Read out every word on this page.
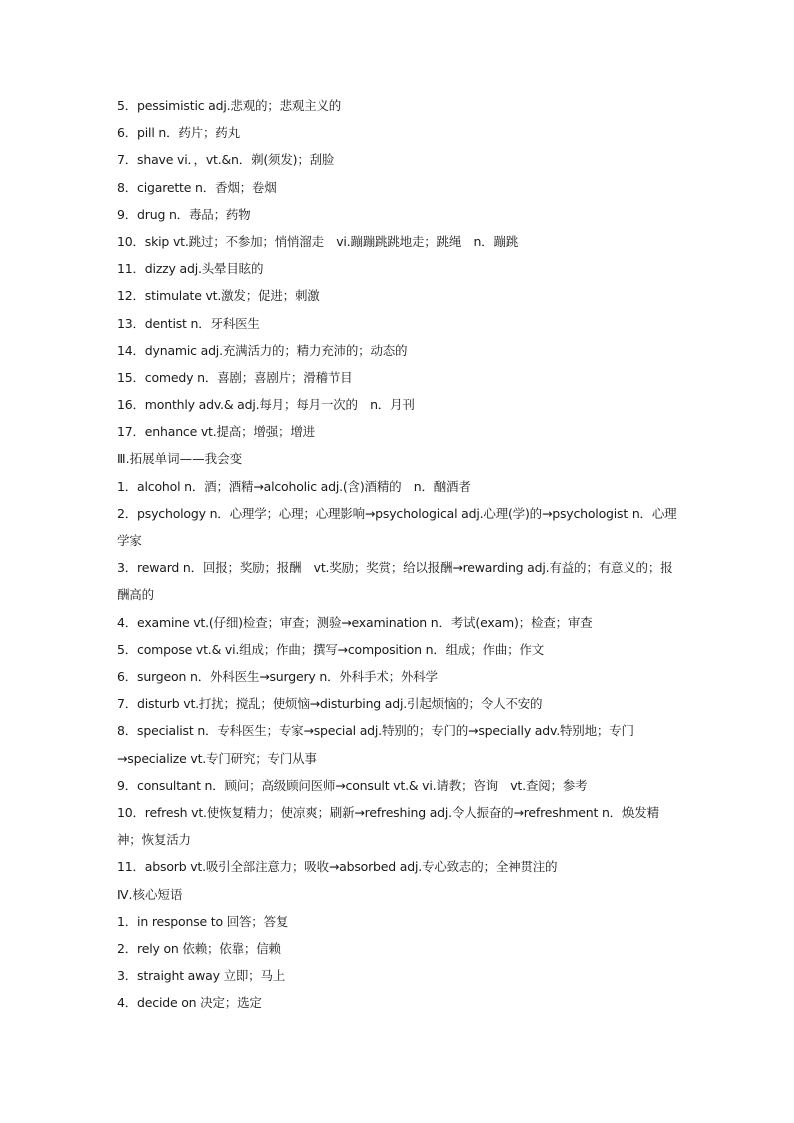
5．pessimistic adj.悲观的；悲观主义的
6．pill n．药片；药丸
7．shave vi．，vt.&n．剃(须发)；刮脸
8．cigarette n．香烟；卷烟
9．drug n．毒品；药物
10．skip vt.跳过；不参加；悄悄溜走　vi.蹦蹦跳跳地走；跳绳　n．蹦跳
11．dizzy adj.头晕目眩的
12．stimulate vt.激发；促进；刺激
13．dentist n．牙科医生
14．dynamic adj.充满活力的；精力充沛的；动态的
15．comedy n．喜剧；喜剧片；滑稽节目
16．monthly adv.& adj.每月；每月一次的　n．月刊
17．enhance vt.提高；增强；增进
Ⅲ.拓展单词——我会变
1．alcohol n．酒；酒精→alcoholic adj.(含)酒精的　n．酗酒者
2．psychology n．心理学；心理；心理影响→psychological adj.心理(学)的→psychologist n．心理学家
3．reward n．回报；奖励；报酬　vt.奖励；奖赏；给以报酬→rewarding adj.有益的；有意义的；报酬高的
4．examine vt.(仔细)检查；审查；测验→examination n．考试(exam)；检查；审查
5．compose vt.& vi.组成；作曲；撰写→composition n．组成；作曲；作文
6．surgeon n．外科医生→surgery n．外科手术；外科学
7．disturb vt.打扰；搅乱；使烦恼→disturbing adj.引起烦恼的；令人不安的
8．specialist n．专科医生；专家→special adj.特别的；专门的→specially adv.特别地；专门→specialize vt.专门研究；专门从事
9．consultant n．顾问；高级顾问医师→consult vt.& vi.请教；咨询　vt.查阅；参考
10．refresh vt.使恢复精力；使凉爽；刷新→refreshing adj.令人振奋的→refreshment n．焕发精神；恢复活力
11．absorb vt.吸引全部注意力；吸收→absorbed adj.专心致志的；全神贯注的
Ⅳ.核心短语
1．in response to 回答；答复
2．rely on 依赖；依靠；信赖
3．straight away 立即；马上
4．decide on 决定；选定
